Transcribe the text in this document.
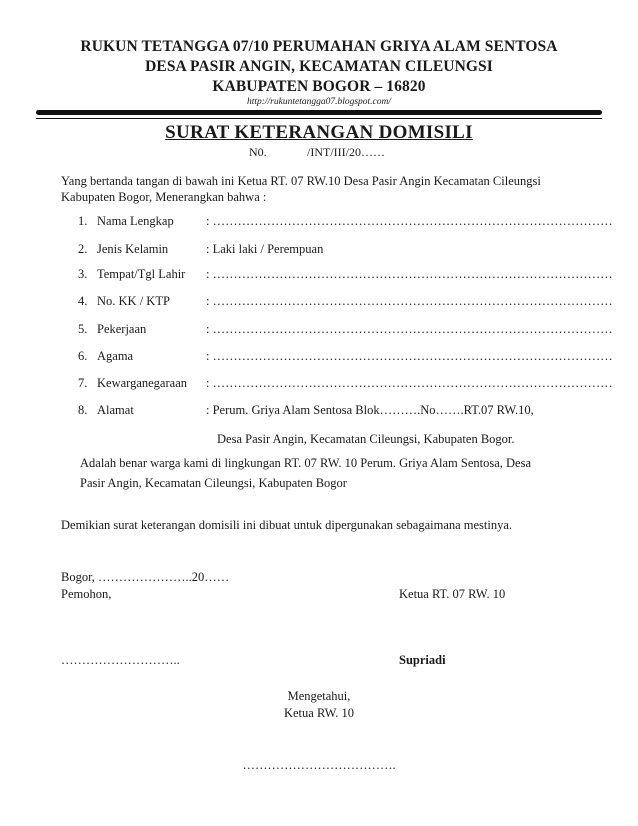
RUKUN TETANGGA 07/10 PERUMAHAN GRIYA ALAM SENTOSA
DESA PASIR ANGIN, KECAMATAN CILEUNGSI
KABUPATEN BOGOR – 16820
http://rukuntetangga07.blogspot.com/
SURAT KETERANGAN DOMISILI
N0.	/INT/III/20……
Yang bertanda tangan di bawah ini Ketua RT. 07 RW.10 Desa Pasir Angin Kecamatan Cileungsi
Kabupaten Bogor, Menerangkan bahwa :
1. Nama Lengkap	: ……………………………………………………………………………………
2. Jenis Kelamin	: Laki laki / Perempuan
3. Tempat/Tgl Lahir : ……………………………………………………………………………………
4. No. KK / KTP	: ……………………………………………………………………………………
5. Pekerjaan	: ……………………………………………………………………………………
6. Agama	: ……………………………………………………………………………………
7. Kewarganegaraan : ……………………………………………………………………………………
8. Alamat	: Perum. Griya Alam Sentosa Blok……….No…….RT.07 RW.10,
Desa Pasir Angin, Kecamatan Cileungsi, Kabupaten Bogor.
Adalah benar warga kami di lingkungan RT. 07 RW. 10 Perum. Griya Alam Sentosa, Desa
Pasir Angin, Kecamatan Cileungsi, Kabupaten Bogor
Demikian surat keterangan domisili ini dibuat untuk dipergunakan sebagaimana mestinya.
Bogor, …………………..20……
Pemohon,	Ketua RT. 07 RW. 10
………………………..	Supriadi
Mengetahui,
Ketua RW. 10
……………………………….
